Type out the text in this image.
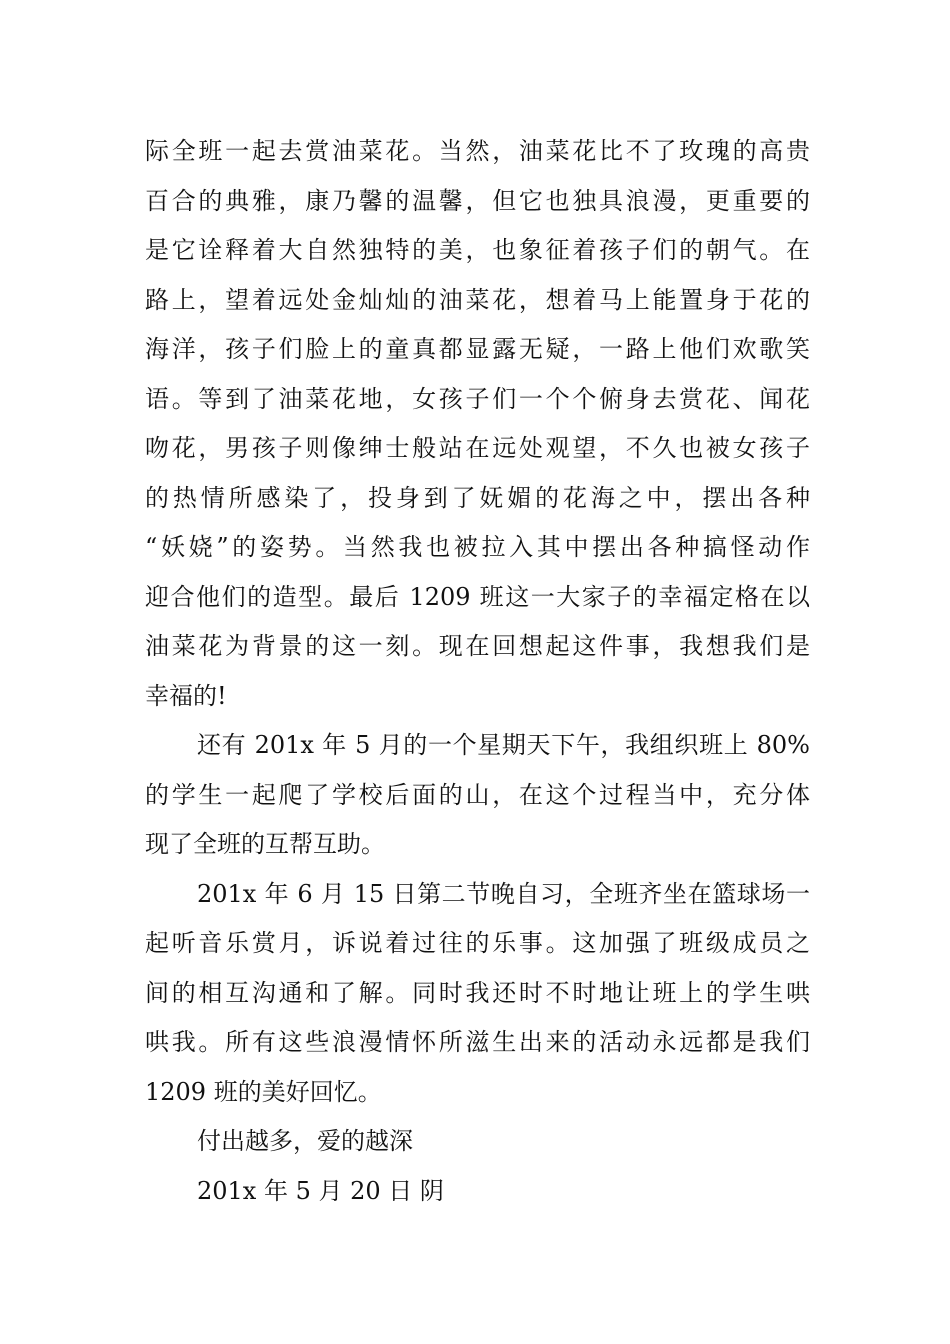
际全班一起去赏油菜花。当然，油菜花比不了玫瑰的高贵
百合的典雅，康乃馨的温馨，但它也独具浪漫，更重要的
是它诠释着大自然独特的美，也象征着孩子们的朝气。在
路上，望着远处金灿灿的油菜花，想着马上能置身于花的
海洋，孩子们脸上的童真都显露无疑，一路上他们欢歌笑
语。等到了油菜花地，女孩子们一个个俯身去赏花、闻花
吻花，男孩子则像绅士般站在远处观望，不久也被女孩子
的热情所感染了，投身到了妩媚的花海之中，摆出各种
“妖娆”的姿势。当然我也被拉入其中摆出各种搞怪动作
迎合他们的造型。最后 1209 班这一大家子的幸福定格在以
油菜花为背景的这一刻。现在回想起这件事，我想我们是
幸福的!
还有 201x 年 5 月的一个星期天下午，我组织班上 80%
的学生一起爬了学校后面的山，在这个过程当中，充分体
现了全班的互帮互助。
201x 年 6 月 15 日第二节晚自习，全班齐坐在篮球场一
起听音乐赏月，诉说着过往的乐事。这加强了班级成员之
间的相互沟通和了解。同时我还时不时地让班上的学生哄
哄我。所有这些浪漫情怀所滋生出来的活动永远都是我们
1209 班的美好回忆。
付出越多，爱的越深
201x 年 5 月 20 日 阴
